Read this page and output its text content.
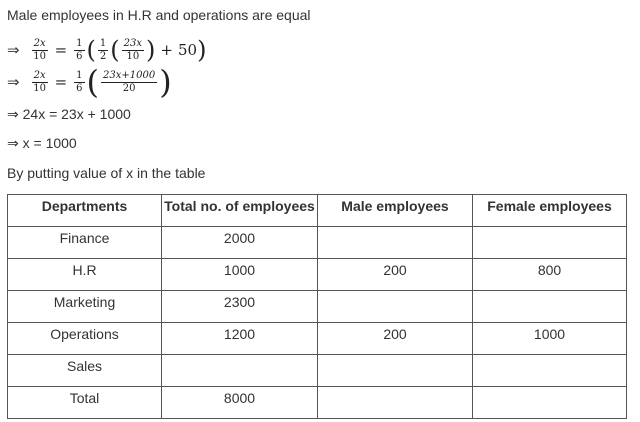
Male employees in H.R and operations are equal
⇒ $\frac{2x}{10} = \frac{1}{6}$ ( $\frac{1}{2}$ ( $\frac{23x}{10}$ ) + 50 )
⇒ $\frac{2x}{10} = \frac{1}{6}$ ( $\frac{23x+1000}{20}$ )
⇒ 24x = 23x + 1000
⇒ x = 1000
By putting value of x in the table
Departments	Total no. of employees	Male employees	Female employees
Finance	2000		
H.R	1000	200	800
Marketing	2300		
Operations	1200	200	1000
Sales			
Total	8000		
